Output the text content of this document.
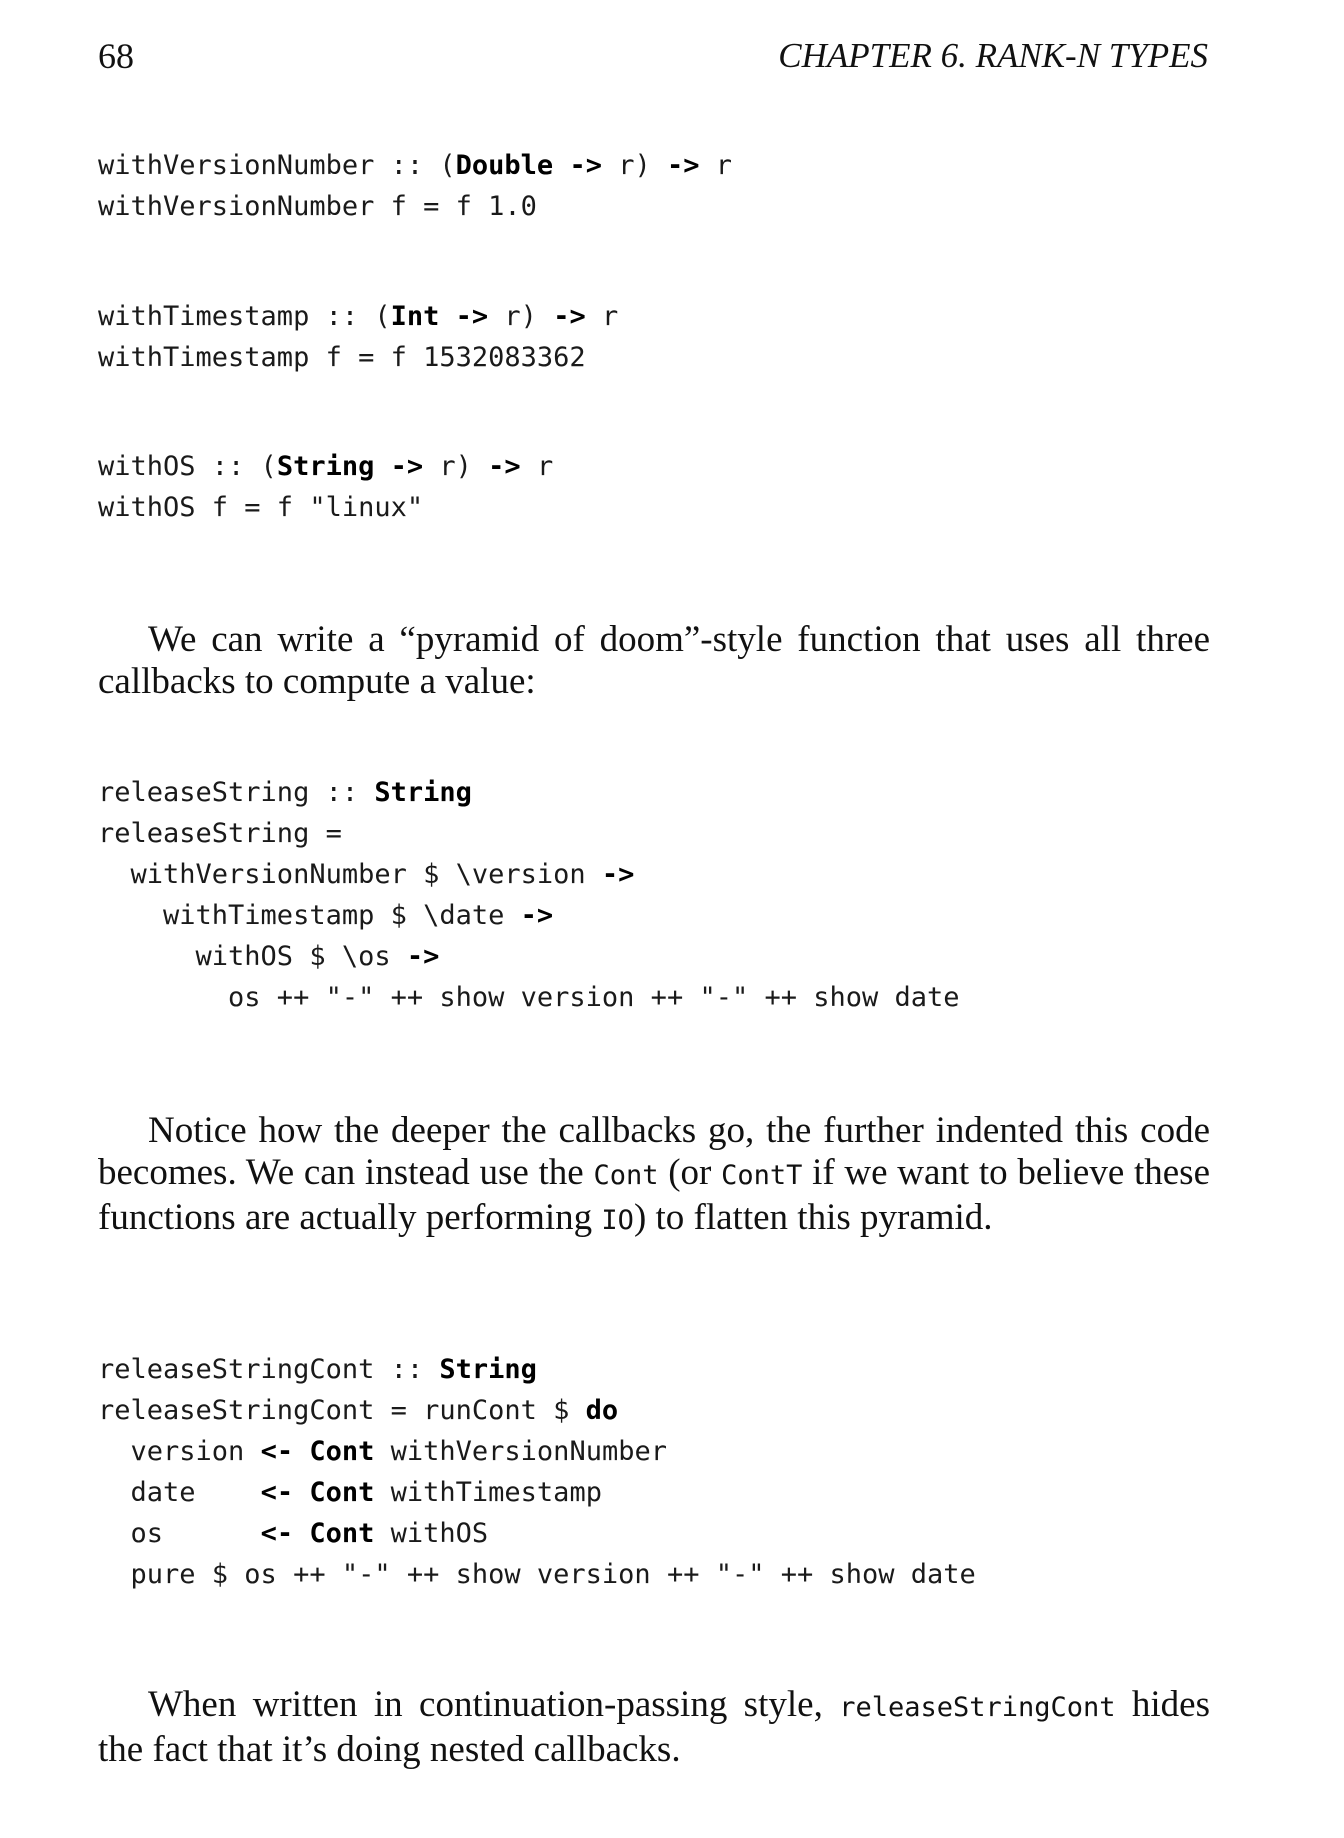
68	CHAPTER 6. RANK-N TYPES
withVersionNumber :: (Double -> r) -> r
withVersionNumber f = f 1.0
withTimestamp :: (Int -> r) -> r
withTimestamp f = f 1532083362
withOS :: (String -> r) -> r
withOS f = f "linux"

We can write a “pyramid of doom”-style function that uses all three callbacks to compute a value:

releaseString :: String
releaseString =
withVersionNumber $ \version ->
withTimestamp $ \date ->
withOS $ \os ->
os ++ "-" ++ show version ++ "-" ++ show date

Notice how the deeper the callbacks go, the further indented this code becomes. We can instead use the Cont (or ContT if we want to believe these functions are actually performing IO) to flatten this pyramid.

releaseStringCont :: String
releaseStringCont = runCont $ do
version <- Cont withVersionNumber
date    <- Cont withTimestamp
os      <- Cont withOS
pure $ os ++ "-" ++ show version ++ "-" ++ show date

When written in continuation-passing style, releaseStringCont hides the fact that it’s doing nested callbacks.
